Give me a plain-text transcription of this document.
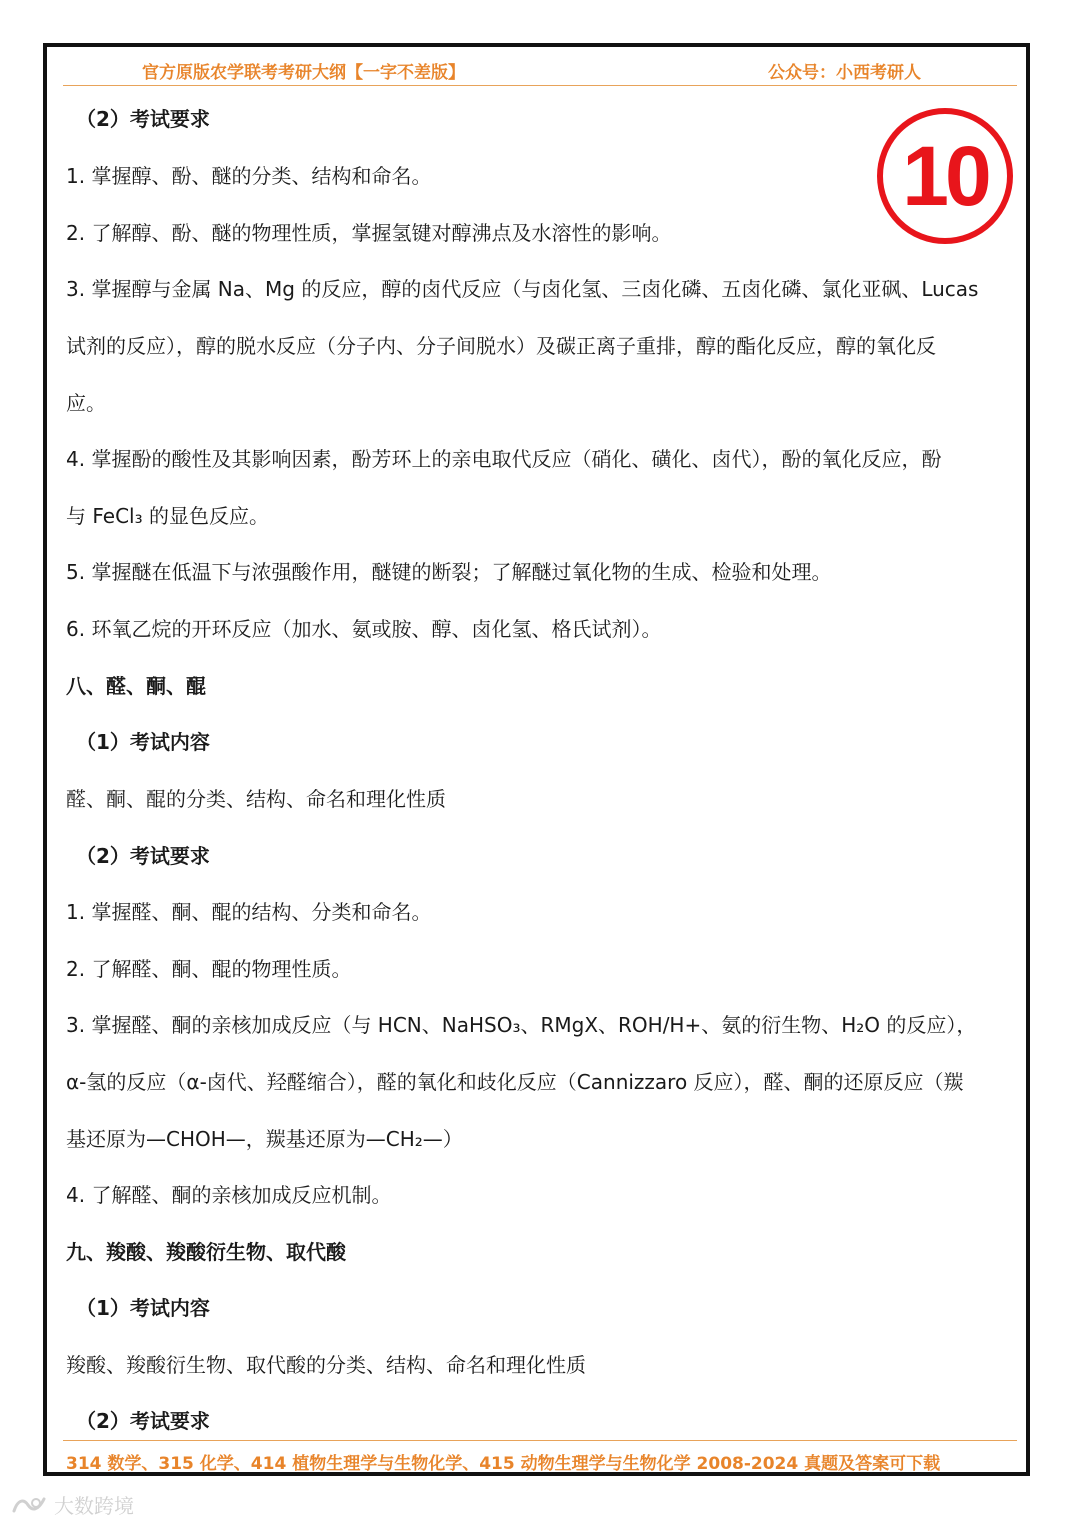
官方原版农学联考考研大纲【一字不差版】	公众号：小西考研人
10
（2）考试要求
1. 掌握醇、酚、醚的分类、结构和命名。
2. 了解醇、酚、醚的物理性质，掌握氢键对醇沸点及水溶性的影响。
3. 掌握醇与金属 Na、Mg 的反应，醇的卤代反应（与卤化氢、三卤化磷、五卤化磷、氯化亚砜、Lucas
试剂的反应），醇的脱水反应（分子内、分子间脱水）及碳正离子重排，醇的酯化反应，醇的氧化反
应。
4. 掌握酚的酸性及其影响因素，酚芳环上的亲电取代反应（硝化、磺化、卤代），酚的氧化反应，酚
与 FeCl₃ 的显色反应。
5. 掌握醚在低温下与浓强酸作用，醚键的断裂；了解醚过氧化物的生成、检验和处理。
6. 环氧乙烷的开环反应（加水、氨或胺、醇、卤化氢、格氏试剂）。
八、醛、酮、醌
（1）考试内容
醛、酮、醌的分类、结构、命名和理化性质
（2）考试要求
1. 掌握醛、酮、醌的结构、分类和命名。
2. 了解醛、酮、醌的物理性质。
3. 掌握醛、酮的亲核加成反应（与 HCN、NaHSO₃、RMgX、ROH/H+、氨的衍生物、H₂O 的反应），
α-氢的反应（α-卤代、羟醛缩合），醛的氧化和歧化反应（Cannizzaro 反应），醛、酮的还原反应（羰
基还原为—CHOH—，羰基还原为—CH₂—）
4. 了解醛、酮的亲核加成反应机制。
九、羧酸、羧酸衍生物、取代酸
（1）考试内容
羧酸、羧酸衍生物、取代酸的分类、结构、命名和理化性质
（2）考试要求
314 数学、315 化学、414 植物生理学与生物化学、415 动物生理学与生物化学 2008-2024 真题及答案可下载
大数跨境
